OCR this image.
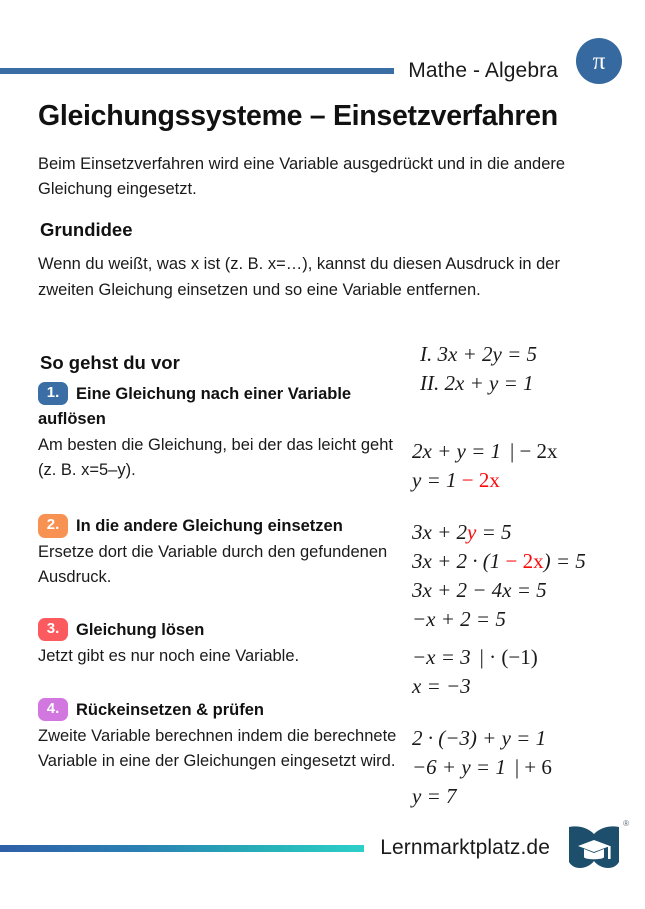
Mathe - Algebra π
Gleichungssysteme – Einsetzverfahren

Beim Einsetzverfahren wird eine Variable ausgedrückt und in die andere Gleichung eingesetzt.

Grundidee

Wenn du weißt, was x ist (z. B. x=…), kannst du diesen Ausdruck in der zweiten Gleichung einsetzen und so eine Variable entfernen.

So gehst du vor
1. Eine Gleichung nach einer Variable auflösen
Am besten die Gleichung, bei der das leicht geht (z. B. x=5–y).
2. In die andere Gleichung einsetzen
Ersetze dort die Variable durch den gefundenen Ausdruck.
3. Gleichung lösen
Jetzt gibt es nur noch eine Variable.
4. Rückeinsetzen & prüfen
Zweite Variable berechnen indem die berechnete Variable in eine der Gleichungen eingesetzt wird.
I. 3x + 2y = 5
II. 2x + y = 1
2x + y = 1 | − 2x
y = 1 − 2x
3x + 2y = 5
3x + 2 · (1 − 2x) = 5
3x + 2 − 4x = 5
−x + 2 = 5
−x = 3 | · (−1)
x = −3
2 · (−3) + y = 1
−6 + y = 1 | + 6
y = 7
Lernmarktplatz.de
®
